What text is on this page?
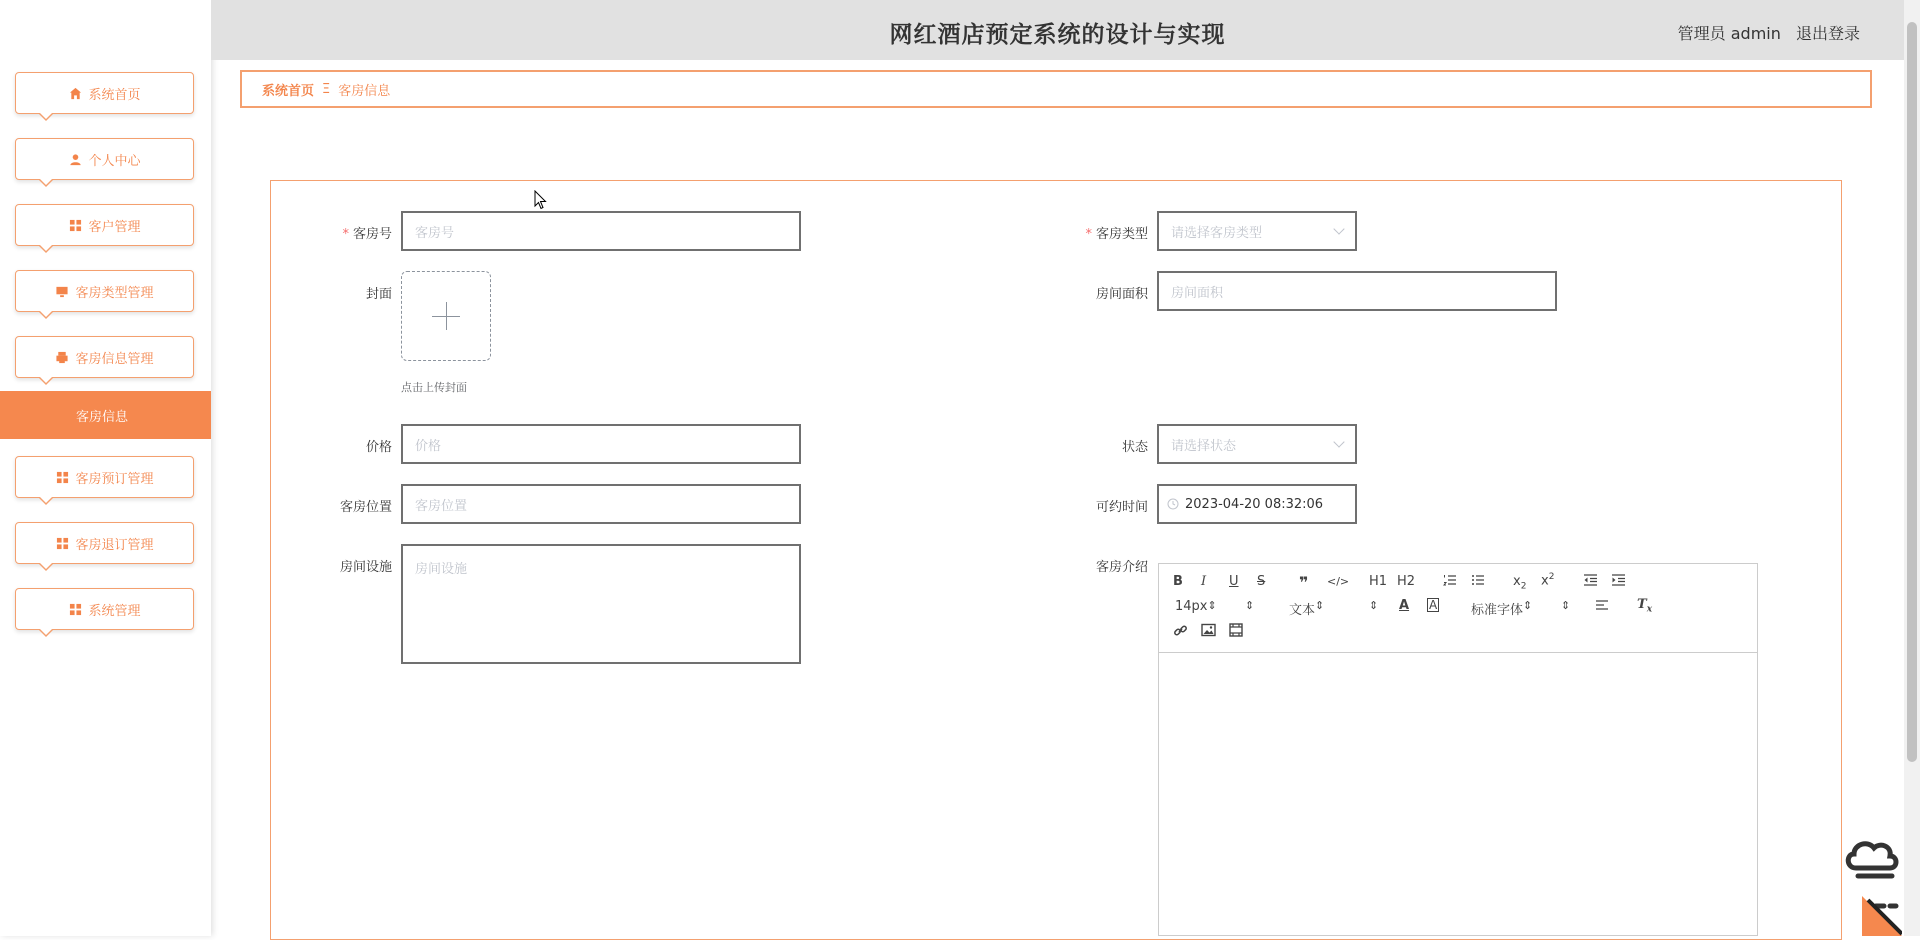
系统首页
个人中心
客户管理
客房类型管理
客房信息管理
客房信息
客房预订管理
客房退订管理
系统管理
网红酒店预定系统的设计与实现	管理员 admin 退出登录
系统首页 Ξ 客房信息
* 客房号 客房号
封面
点击上传封面
价格 价格
客房位置 客房位置
房间设施	房间设施
* 客房类型 请选择客房类型
房间面积 房间面积
状态 请选择状态
可约时间	2023-04-20 08:32:06
客房介绍
B I U S ❞ </> H1 H2	$x_2$ $x^2$
14px	⇕
⇕	文本	⇕
⇕ A A	标准字体	⇕
⇕	$T_x$
